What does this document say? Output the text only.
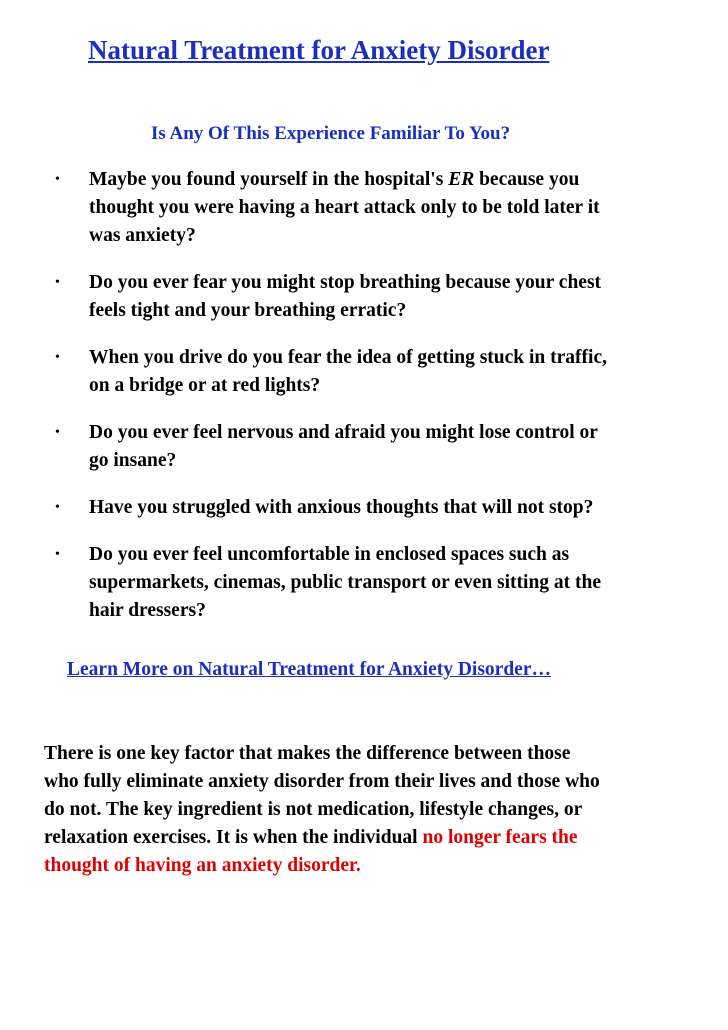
Natural Treatment for Anxiety Disorder
Is Any Of This Experience Familiar To You?
• Maybe you found yourself in the hospital's ER because you
thought you were having a heart attack only to be told later it
was anxiety?
• Do you ever fear you might stop breathing because your chest
feels tight and your breathing erratic?
• When you drive do you fear the idea of getting stuck in traffic,
on a bridge or at red lights?
• Do you ever feel nervous and afraid you might lose control or
go insane?
• Have you struggled with anxious thoughts that will not stop?
• Do you ever feel uncomfortable in enclosed spaces such as
supermarkets, cinemas, public transport or even sitting at the
hair dressers?
Learn More on Natural Treatment for Anxiety Disorder…

There is one key factor that makes the difference between those
who fully eliminate anxiety disorder from their lives and those who
do not. The key ingredient is not medication, lifestyle changes, or
relaxation exercises. It is when the individual no longer fears the
thought of having an anxiety disorder.
